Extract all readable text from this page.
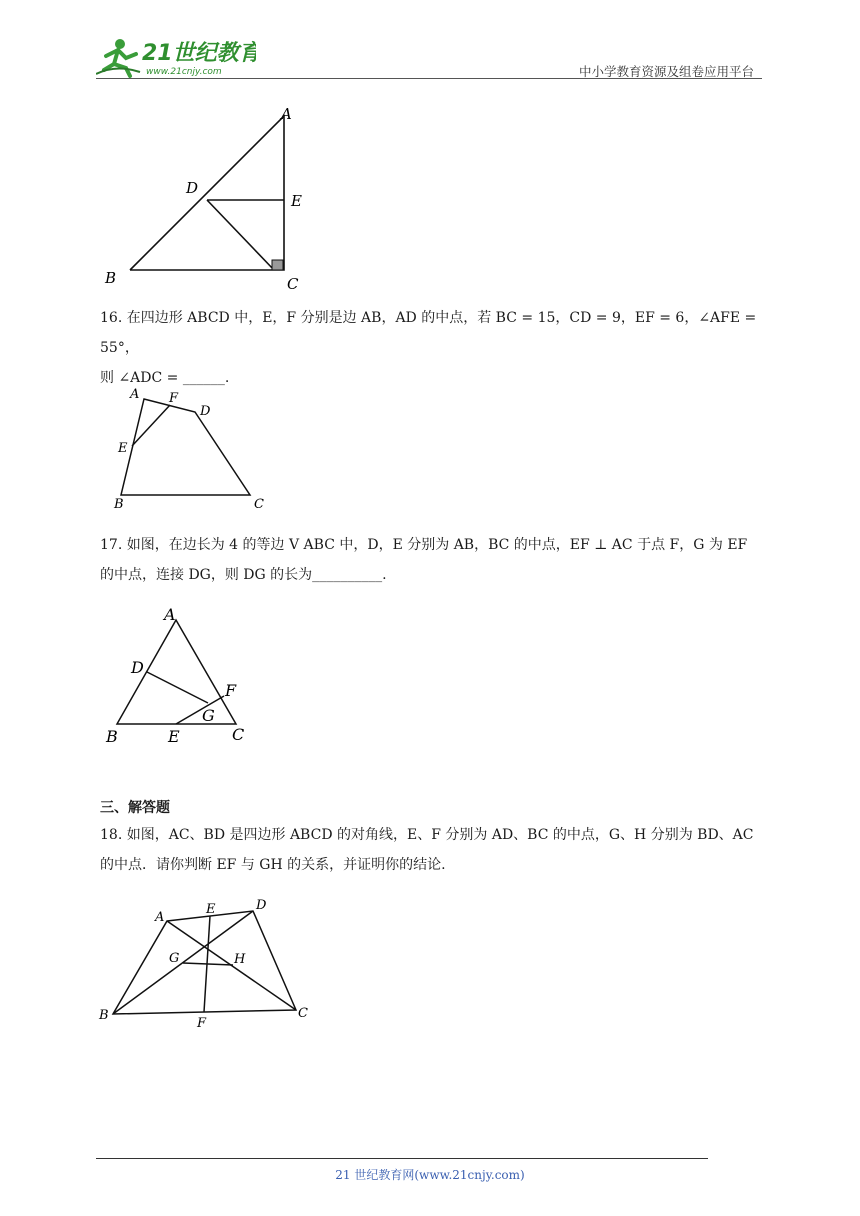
21世纪教育
www.21cnjy.com	中小学教育资源及组卷应用平台
A
D
E
B	C
16. 在四边形 ABCD 中，E，F 分别是边 AB，AD 的中点，若 BC = 15，CD = 9，EF = 6，∠AFE = 55°，
则 ∠ADC = ______.
A F
D
E
B	C
17. 如图，在边长为 4 的等边 V ABC 中，D，E 分别为 AB，BC 的中点，EF ⊥ AC 于点 F，G 为 EF
的中点，连接 DG，则 DG 的长为__________.
A
D
F
G
B	E	C
三、解答题
18. 如图，AC、BD 是四边形 ABCD 的对角线，E、F 分别为 AD、BC 的中点，G、H 分别为 BD、AC
的中点．请你判断 EF 与 GH 的关系，并证明你的结论.
A
E	D
G	H
B
F
C
21 世纪教育网(www.21cnjy.com)
